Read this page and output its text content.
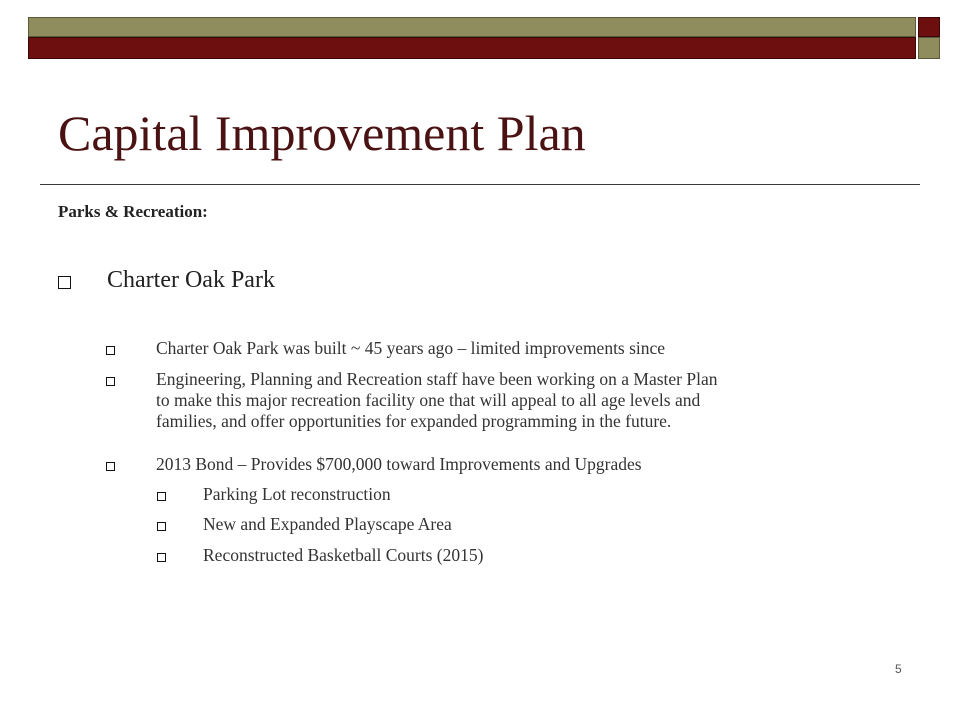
Capital Improvement Plan
Parks & Recreation:
Charter Oak Park
Charter Oak Park was built ~ 45 years ago – limited improvements since
Engineering, Planning and Recreation staff have been working on a Master Plan
to make this major recreation facility one that will appeal to all age levels and
families, and offer opportunities for expanded programming in the future.
2013 Bond – Provides $700,000 toward Improvements and Upgrades
Parking Lot reconstruction
New and Expanded Playscape Area
Reconstructed Basketball Courts (2015)
5
